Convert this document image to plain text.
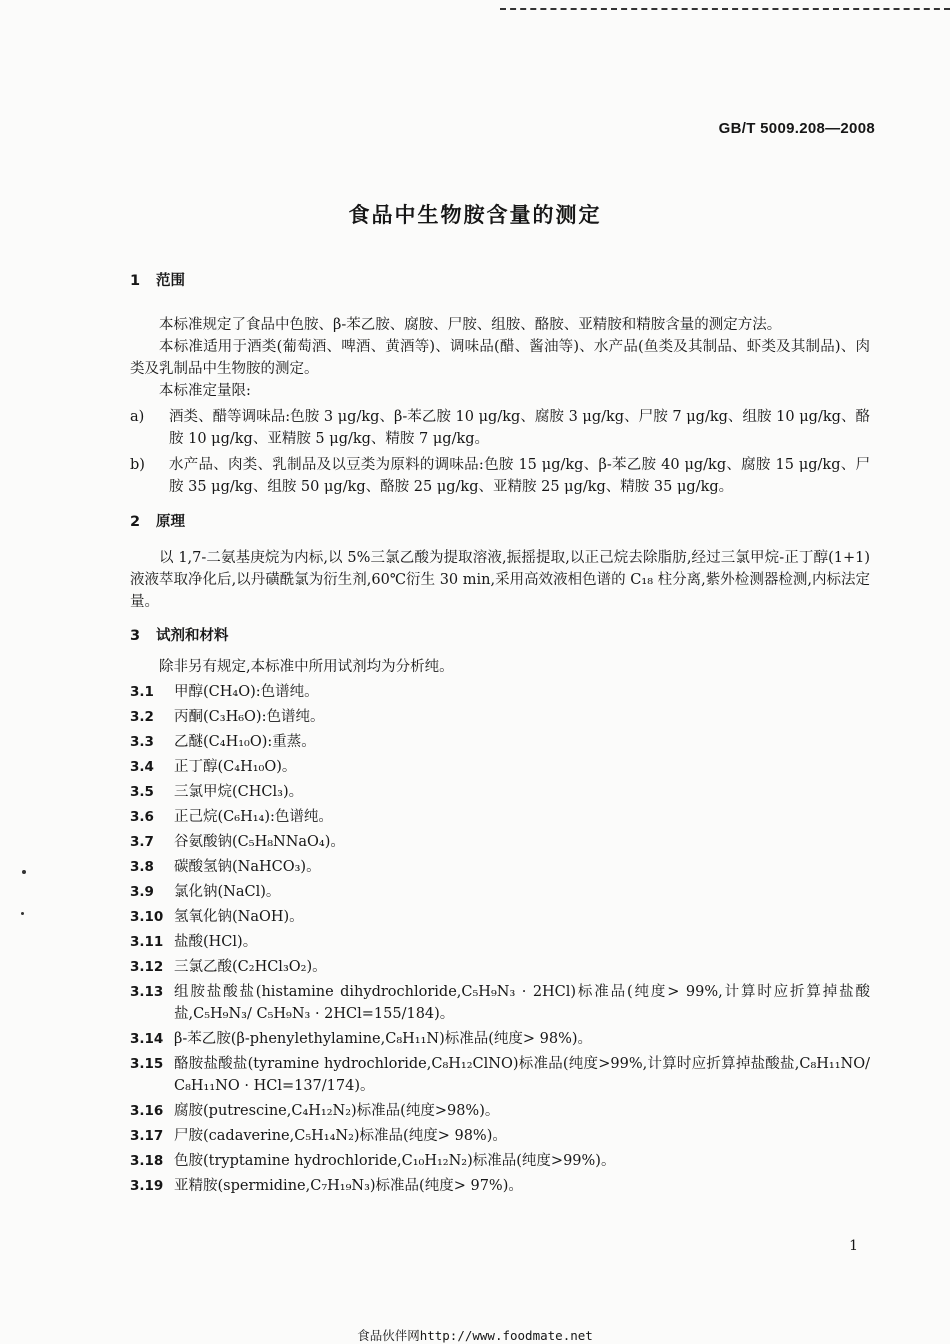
GB/T 5009.208—2008
食品中生物胺含量的测定
1 范围

本标准规定了食品中色胺、β-苯乙胺、腐胺、尸胺、组胺、酪胺、亚精胺和精胺含量的测定方法。

本标准适用于酒类(葡萄酒、啤酒、黄酒等)、调味品(醋、酱油等)、水产品(鱼类及其制品、虾类及其制品)、肉类及乳制品中生物胺的测定。

本标准定量限:

a)	酒类、醋等调味品:色胺 3 μg/kg、β-苯乙胺 10 μg/kg、腐胺 3 μg/kg、尸胺 7 μg/kg、组胺 10 μg/kg、酪胺 10 μg/kg、亚精胺 5 μg/kg、精胺 7 μg/kg。
b)	水产品、肉类、乳制品及以豆类为原料的调味品:色胺 15 μg/kg、β-苯乙胺 40 μg/kg、腐胺 15 μg/kg、尸胺 35 μg/kg、组胺 50 μg/kg、酪胺 25 μg/kg、亚精胺 25 μg/kg、精胺 35 μg/kg。
2 原理

以 1,7-二氨基庚烷为内标,以 5%三氯乙酸为提取溶液,振摇提取,以正己烷去除脂肪,经过三氯甲烷-正丁醇(1+1)液液萃取净化后,以丹磺酰氯为衍生剂,60℃衍生 30 min,采用高效液相色谱的 C₁₈ 柱分离,紫外检测器检测,内标法定量。

3 试剂和材料

除非另有规定,本标准中所用试剂均为分析纯。

3.1	甲醇(CH₄O):色谱纯。
3.2	丙酮(C₃H₆O):色谱纯。
3.3	乙醚(C₄H₁₀O):重蒸。
3.4	正丁醇(C₄H₁₀O)。
3.5	三氯甲烷(CHCl₃)。
3.6	正己烷(C₆H₁₄):色谱纯。
3.7	谷氨酸钠(C₅H₈NNaO₄)。
3.8	碳酸氢钠(NaHCO₃)。
3.9	氯化钠(NaCl)。
3.10 氢氧化钠(NaOH)。
3.11 盐酸(HCl)。
3.12 三氯乙酸(C₂HCl₃O₂)。
3.13 组胺盐酸盐(histamine dihydrochloride,C₅H₉N₃ · 2HCl)标准品(纯度> 99%,计算时应折算掉盐酸盐,C₅H₉N₃/ C₅H₉N₃ · 2HCl=155/184)。
3.14 β-苯乙胺(β-phenylethylamine,C₈H₁₁N)标准品(纯度> 98%)。
3.15 酪胺盐酸盐(tyramine hydrochloride,C₈H₁₂ClNO)标准品(纯度>99%,计算时应折算掉盐酸盐,C₈H₁₁NO/ C₈H₁₁NO · HCl=137/174)。
3.16 腐胺(putrescine,C₄H₁₂N₂)标准品(纯度>98%)。
3.17 尸胺(cadaverine,C₅H₁₄N₂)标准品(纯度> 98%)。
3.18 色胺(tryptamine hydrochloride,C₁₀H₁₂N₂)标准品(纯度>99%)。
3.19 亚精胺(spermidine,C₇H₁₉N₃)标准品(纯度> 97%)。
1
食品伙伴网http://www.foodmate.net
